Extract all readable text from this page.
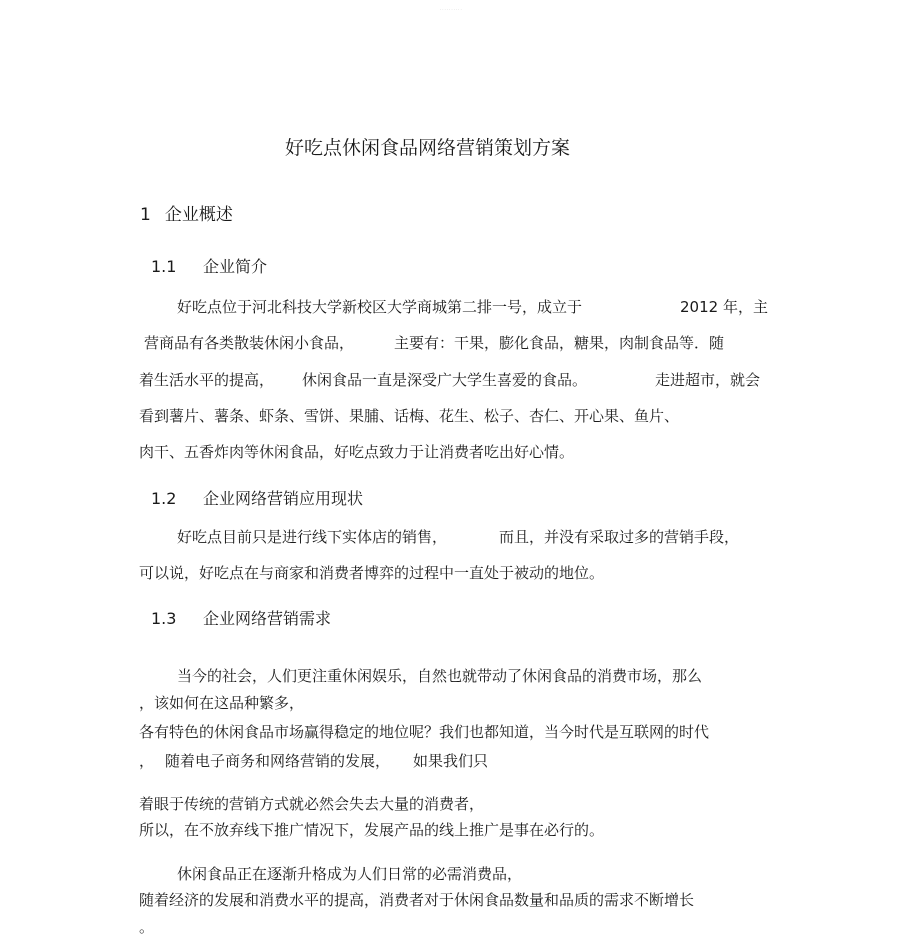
..........
好吃点休闲食品网络营销策划方案
1 企业概述
1.1 企业简介
好吃点位于河北科技大学新校区大学商城第二排一号，成立于	2012 年，主
营商品有各类散装休闲小食品，	主要有：干果，膨化食品，糖果，肉制食品等．随
着生活水平的提高， 休闲食品一直是深受广大学生喜爱的食品。	走进超市，就会
看到薯片、薯条、虾条、雪饼、果脯、话梅、花生、松子、杏仁、开心果、鱼片、
肉干、五香炸肉等休闲食品，好吃点致力于让消费者吃出好心情。
1.2 企业网络营销应用现状
好吃点目前只是进行线下实体店的销售，	而且，并没有采取过多的营销手段，
可以说，好吃点在与商家和消费者博弈的过程中一直处于被动的地位。
1.3 企业网络营销需求
当今的社会，人们更注重休闲娱乐，自然也就带动了休闲食品的消费市场，那么
，该如何在这品种繁多，
各有特色的休闲食品市场赢得稳定的地位呢？我们也都知道，当今时代是互联网的时代
， 随着电子商务和网络营销的发展， 如果我们只
着眼于传统的营销方式就必然会失去大量的消费者，
所以，在不放弃线下推广情况下，发展产品的线上推广是事在必行的。
休闲食品正在逐渐升格成为人们日常的必需消费品，
随着经济的发展和消费水平的提高，消费者对于休闲食品数量和品质的需求不断增长
。
